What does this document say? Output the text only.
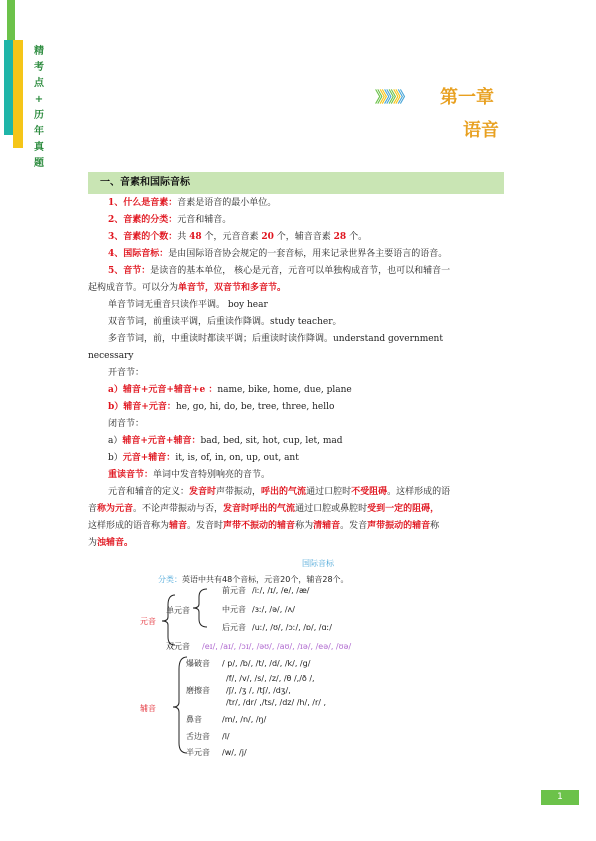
精
考
点
+
历
年
真
题
》》》》》》 第一章
语音
一、音素和国际音标
1、什么是音素：音素是语音的最小单位。
2、音素的分类：元音和辅音。
3、音素的个数：共 48 个，元音音素 20 个，辅音音素 28 个。
4、国际音标：是由国际语音协会规定的一套音标，用来记录世界各主要语言的语音。
5、音节：是读音的基本单位， 核心是元音，元音可以单独构成音节，也可以和辅音一
起构成音节。可以分为单音节，双音节和多音节。
单音节词无重音只读作平调。 boy hear
双音节词，前重读平调，后重读作降调。study teacher。
多音节词，前，中重读时都读平调；后重读时读作降调。understand government
necessary
开音节：
a）辅音+元音+辅音+e ：name, bike, home, due, plane
b）辅音+元音：he, go, hi, do, be, tree, three, hello
闭音节：
a）辅音+元音+辅音：bad, bed, sit, hot, cup, let, mad
b）元音+辅音：it, is, of, in, on, up, out, ant
重读音节：单词中发音特别响亮的音节。
元音和辅音的定义：发音时声带振动，呼出的气流通过口腔时不受阻碍。这样形成的语
音称为元音。不论声带振动与否，发音时呼出的气流通过口腔或鼻腔时受到一定的阻碍，
这样形成的语音称为辅音。发音时声带不振动的辅音称为清辅音。发音声带振动的辅音称
为浊辅音。
国际音标
分类：英语中共有48个音标，元音20个，辅音28个。
元音
单元音
前元音 /iː/, /ɪ/, /e/, /æ/
中元音 /ɜː/, /ə/, /ʌ/
后元音 /uː/, /ʊ/, /ɔː/, /ɒ/, /ɑː/
双元音 /eɪ/, /aɪ/, /ɔɪ/, /əʊ/, /aʊ/, /ɪə/, /eə/, /ʊə/
辅音
爆破音 / p/, /b/, /t/, /d/, /k/, /g/
磨擦音
/f/, /v/, /s/, /z/, /θ /,/ð /,
/ʃ/, /ʒ /, /tʃ/, /dʒ/,
/tr/, /dr/ ,/ts/, /dz/ /h/, /r/ ,
鼻音	/m/, /n/, /ŋ/
舌边音 /l/
半元音 /w/, /j/
1
